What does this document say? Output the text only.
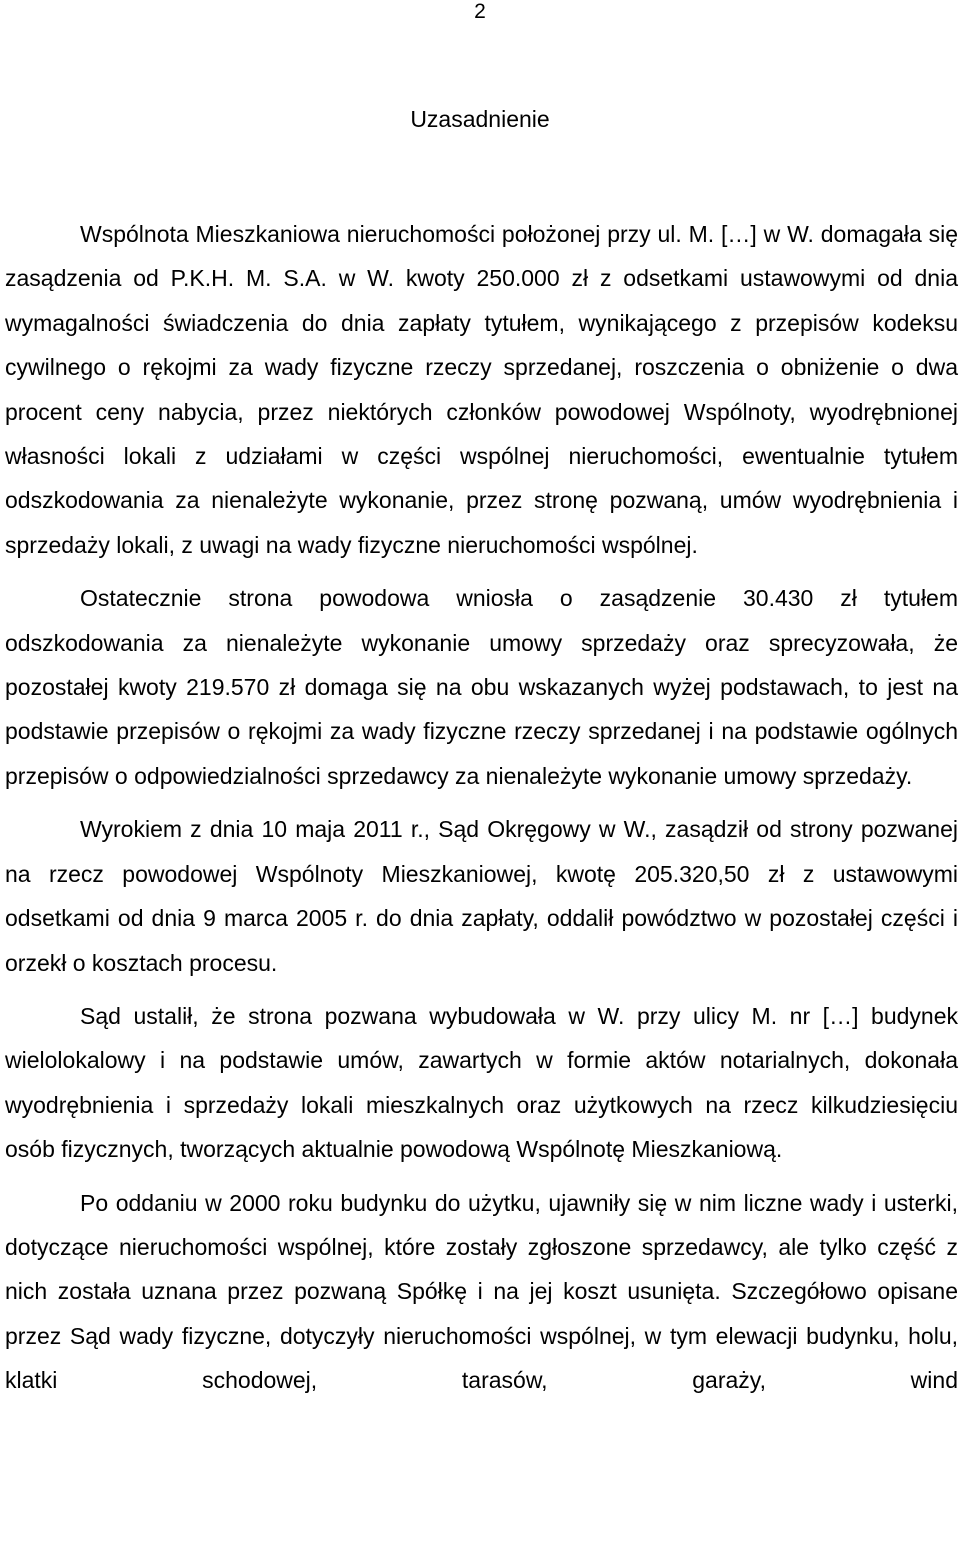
2
Uzasadnienie

Wspólnota Mieszkaniowa nieruchomości położonej przy ul. M. […] w W. domagała się zasądzenia od P.K.H. M. S.A. w W. kwoty 250.000 zł z odsetkami ustawowymi od dnia wymagalności świadczenia do dnia zapłaty tytułem, wynikającego z przepisów kodeksu cywilnego o rękojmi za wady fizyczne rzeczy sprzedanej, roszczenia o obniżenie o dwa procent ceny nabycia, przez niektórych członków powodowej Wspólnoty, wyodrębnionej własności lokali z udziałami w części wspólnej nieruchomości, ewentualnie tytułem odszkodowania za nienależyte wykonanie, przez stronę pozwaną, umów wyodrębnienia i sprzedaży lokali, z uwagi na wady fizyczne nieruchomości wspólnej.

Ostatecznie strona powodowa wniosła o zasądzenie 30.430 zł tytułem odszkodowania za nienależyte wykonanie umowy sprzedaży oraz sprecyzowała, że pozostałej kwoty 219.570 zł domaga się na obu wskazanych wyżej podstawach, to jest na podstawie przepisów o rękojmi za wady fizyczne rzeczy sprzedanej i na podstawie ogólnych przepisów o odpowiedzialności sprzedawcy za nienależyte wykonanie umowy sprzedaży.

Wyrokiem z dnia 10 maja 2011 r., Sąd Okręgowy w W., zasądził od strony pozwanej na rzecz powodowej Wspólnoty Mieszkaniowej, kwotę 205.320,50 zł z ustawowymi odsetkami od dnia 9 marca 2005 r. do dnia zapłaty, oddalił powództwo w pozostałej części i orzekł o kosztach procesu.

Sąd ustalił, że strona pozwana wybudowała w W. przy ulicy M. nr […] budynek wielolokalowy i na podstawie umów, zawartych w formie aktów notarialnych, dokonała wyodrębnienia i sprzedaży lokali mieszkalnych oraz użytkowych na rzecz kilkudziesięciu osób fizycznych, tworzących aktualnie powodową Wspólnotę Mieszkaniową.

Po oddaniu w 2000 roku budynku do użytku, ujawniły się w nim liczne wady i usterki, dotyczące nieruchomości wspólnej, które zostały zgłoszone sprzedawcy, ale tylko część z nich została uznana przez pozwaną Spółkę i na jej koszt usunięta. Szczegółowo opisane przez Sąd wady fizyczne, dotyczyły nieruchomości wspólnej, w tym elewacji budynku, holu, klatki schodowej, tarasów, garaży, wind
